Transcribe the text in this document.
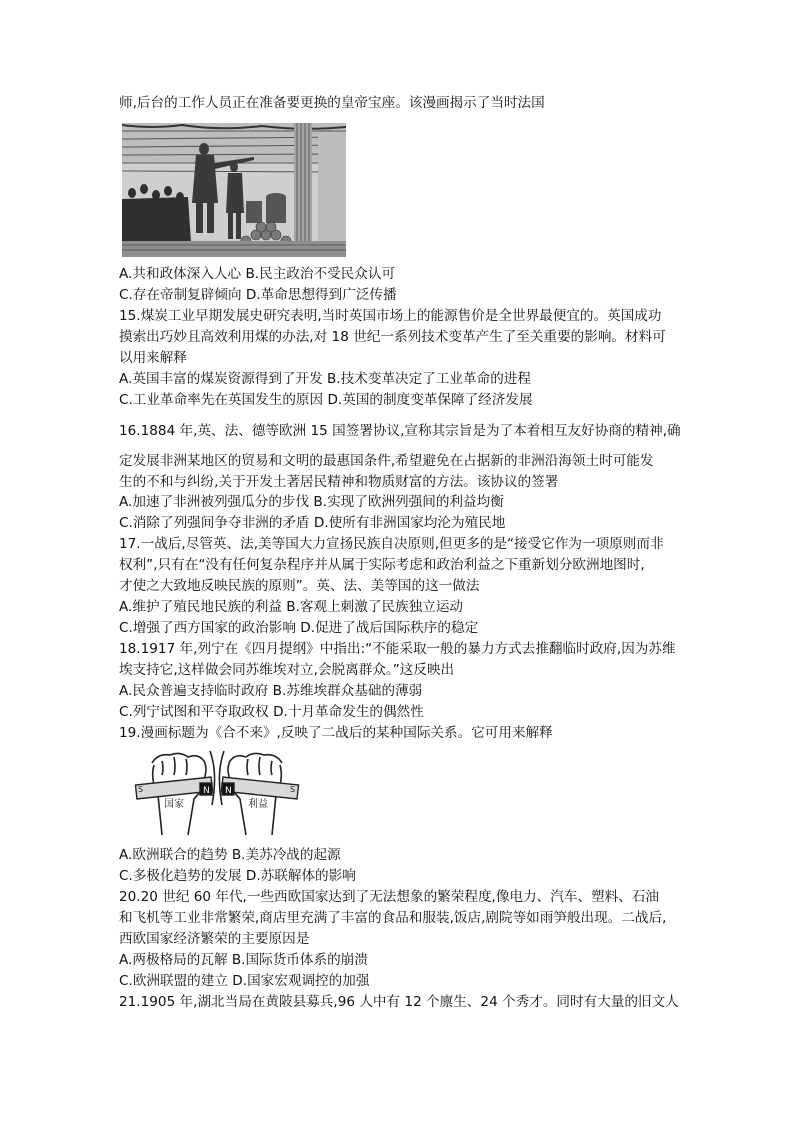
师,后台的工作人员正在准备要更换的皇帝宝座。该漫画揭示了当时法国
A.共和政体深入人心 B.民主政治不受民众认可
C.存在帝制复辟倾向 D.革命思想得到广泛传播
15.煤炭工业早期发展史研究表明,当时英国市场上的能源售价是全世界最便宜的。英国成功
摸索出巧妙且高效利用煤的办法,对 18 世纪一系列技术变革产生了至关重要的影响。材料可
以用来解释
A.英国丰富的煤炭资源得到了开发 B.技术变革决定了工业革命的进程
C.工业革命率先在英国发生的原因 D.英国的制度变革保障了经济发展
16.1884 年,英、法、德等欧洲 15 国签署协议,宣称其宗旨是为了本着相互友好协商的精神,确
定发展非洲某地区的贸易和文明的最惠国条件,希望避免在占据新的非洲沿海领土时可能发
生的不和与纠纷,关于开发土著居民精神和物质财富的方法。该协议的签署
A.加速了非洲被列强瓜分的步伐 B.实现了欧洲列强间的利益均衡
C.消除了列强间争夺非洲的矛盾 D.使所有非洲国家均沦为殖民地
17.一战后,尽管英、法,美等国大力宣扬民族自决原则,但更多的是“接受它作为一项原则而非
权利”,只有在“没有任何复杂程序并从属于实际考虑和政治利益之下重新划分欧洲地图时,
才使之大致地反映民族的原则”。英、法、美等国的这一做法
A.维护了殖民地民族的利益 B.客观上刺激了民族独立运动
C.增强了西方国家的政治影响 D.促进了战后国际秩序的稳定
18.1917 年,列宁在《四月提纲》中指出:“不能采取一般的暴力方式去推翻临时政府,因为苏维
埃支持它,这样做会同苏维埃对立,会脱离群众。”这反映出
A.民众普遍支持临时政府 B.苏维埃群众基础的薄弱
C.列宁试图和平夺取政权 D.十月革命发生的偶然性
19.漫画标题为《合不来》,反映了二战后的某种国际关系。它可用来解释
N N
S	S
国家	利益
A.欧洲联合的趋势 B.美苏冷战的起源
C.多极化趋势的发展 D.苏联解体的影响
20.20 世纪 60 年代,一些西欧国家达到了无法想象的繁荣程度,像电力、汽车、塑料、石油
和飞机等工业非常繁荣,商店里充满了丰富的食品和服装,饭店,剧院等如雨笋般出现。二战后,
西欧国家经济繁荣的主要原因是
A.两极格局的瓦解 B.国际货币体系的崩溃
C.欧洲联盟的建立 D.国家宏观调控的加强
21.1905 年,湖北当局在黄陂县募兵,96 人中有 12 个廪生、24 个秀才。同时有大量的旧文人
